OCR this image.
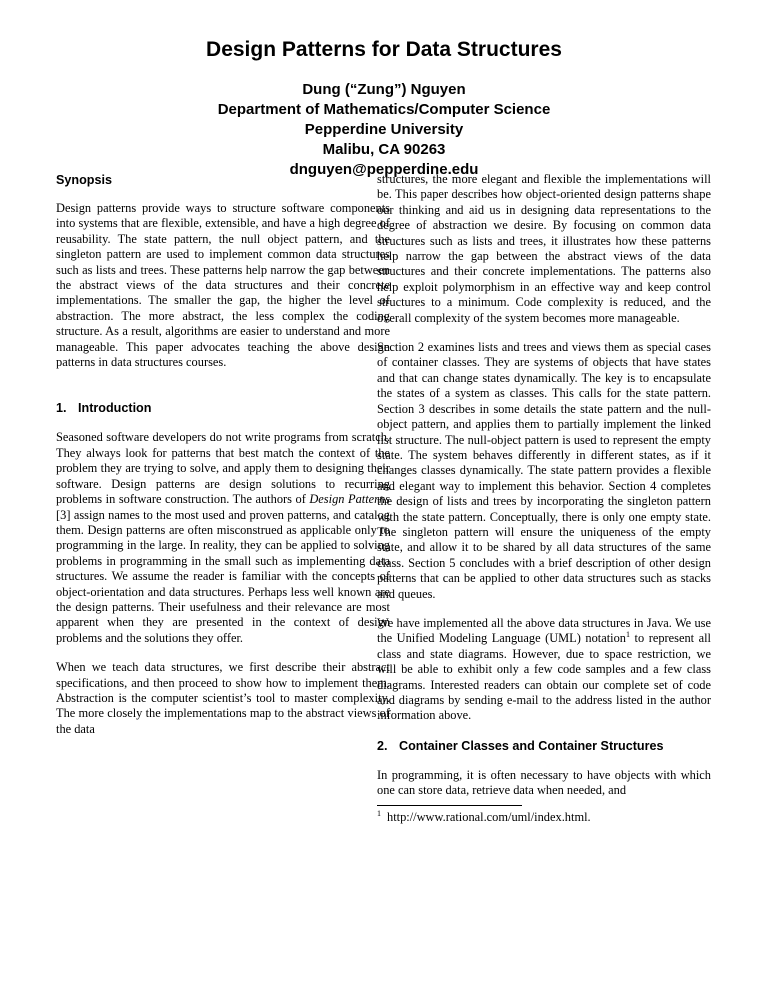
Design Patterns for Data Structures
Dung (“Zung”) Nguyen
Department of Mathematics/Computer Science
Pepperdine University
Malibu, CA 90263
dnguyen@pepperdine.edu
Synopsis

Design patterns provide ways to structure software components into systems that are flexible, extensible, and have a high degree of reusability. The state pattern, the null object pattern, and the singleton pattern are used to implement common data structures such as lists and trees. These patterns help narrow the gap between the abstract views of the data structures and their concrete implementations. The smaller the gap, the higher the level of abstraction. The more abstract, the less complex the coding structure. As a result, algorithms are easier to understand and more manageable. This paper advocates teaching the above design patterns in data structures courses.

1. Introduction

Seasoned software developers do not write programs from scratch. They always look for patterns that best match the context of the problem they are trying to solve, and apply them to designing their software. Design patterns are design solutions to recurring problems in software construction. The authors of Design Patterns [3] assign names to the most used and proven patterns, and catalog them. Design patterns are often misconstrued as applicable only to programming in the large. In reality, they can be applied to solving problems in programming in the small such as implementing data structures. We assume the reader is familiar with the concepts of object-orientation and data structures. Perhaps less well known are the design patterns. Their usefulness and their relevance are most apparent when they are presented in the context of design problems and the solutions they offer.

When we teach data structures, we first describe their abstract specifications, and then proceed to show how to implement them. Abstraction is the computer scientist’s tool to master complexity. The more closely the implementations map to the abstract views of the data

structures, the more elegant and flexible the implementations will be. This paper describes how object-oriented design patterns shape our thinking and aid us in designing data representations to the degree of abstraction we desire. By focusing on common data structures such as lists and trees, it illustrates how these patterns help narrow the gap between the abstract views of the data structures and their concrete implementations. The patterns also help exploit polymorphism in an effective way and keep control structures to a minimum. Code complexity is reduced, and the overall complexity of the system becomes more manageable.

Section 2 examines lists and trees and views them as special cases of container classes. They are systems of objects that have states and that can change states dynamically. The key is to encapsulate the states of a system as classes. This calls for the state pattern. Section 3 describes in some details the state pattern and the null-object pattern, and applies them to partially implement the linked list structure. The null-object pattern is used to represent the empty state. The system behaves differently in different states, as if it changes classes dynamically. The state pattern provides a flexible and elegant way to implement this behavior. Section 4 completes the design of lists and trees by incorporating the singleton pattern with the state pattern. Conceptually, there is only one empty state. The singleton pattern will ensure the uniqueness of the empty state, and allow it to be shared by all data structures of the same class. Section 5 concludes with a brief description of other design patterns that can be applied to other data structures such as stacks and queues.

We have implemented all the above data structures in Java. We use the Unified Modeling Language (UML) notation$^1$ to represent all class and state diagrams. However, due to space restriction, we will be able to exhibit only a few code samples and a few class diagrams. Interested readers can obtain our complete set of code and diagrams by sending e-mail to the address listed in the author information above.

2. Container Classes and Container Structures

In programming, it is often necessary to have objects with which one can store data, retrieve data when needed, and

$^1$ http://www.rational.com/uml/index.html.
